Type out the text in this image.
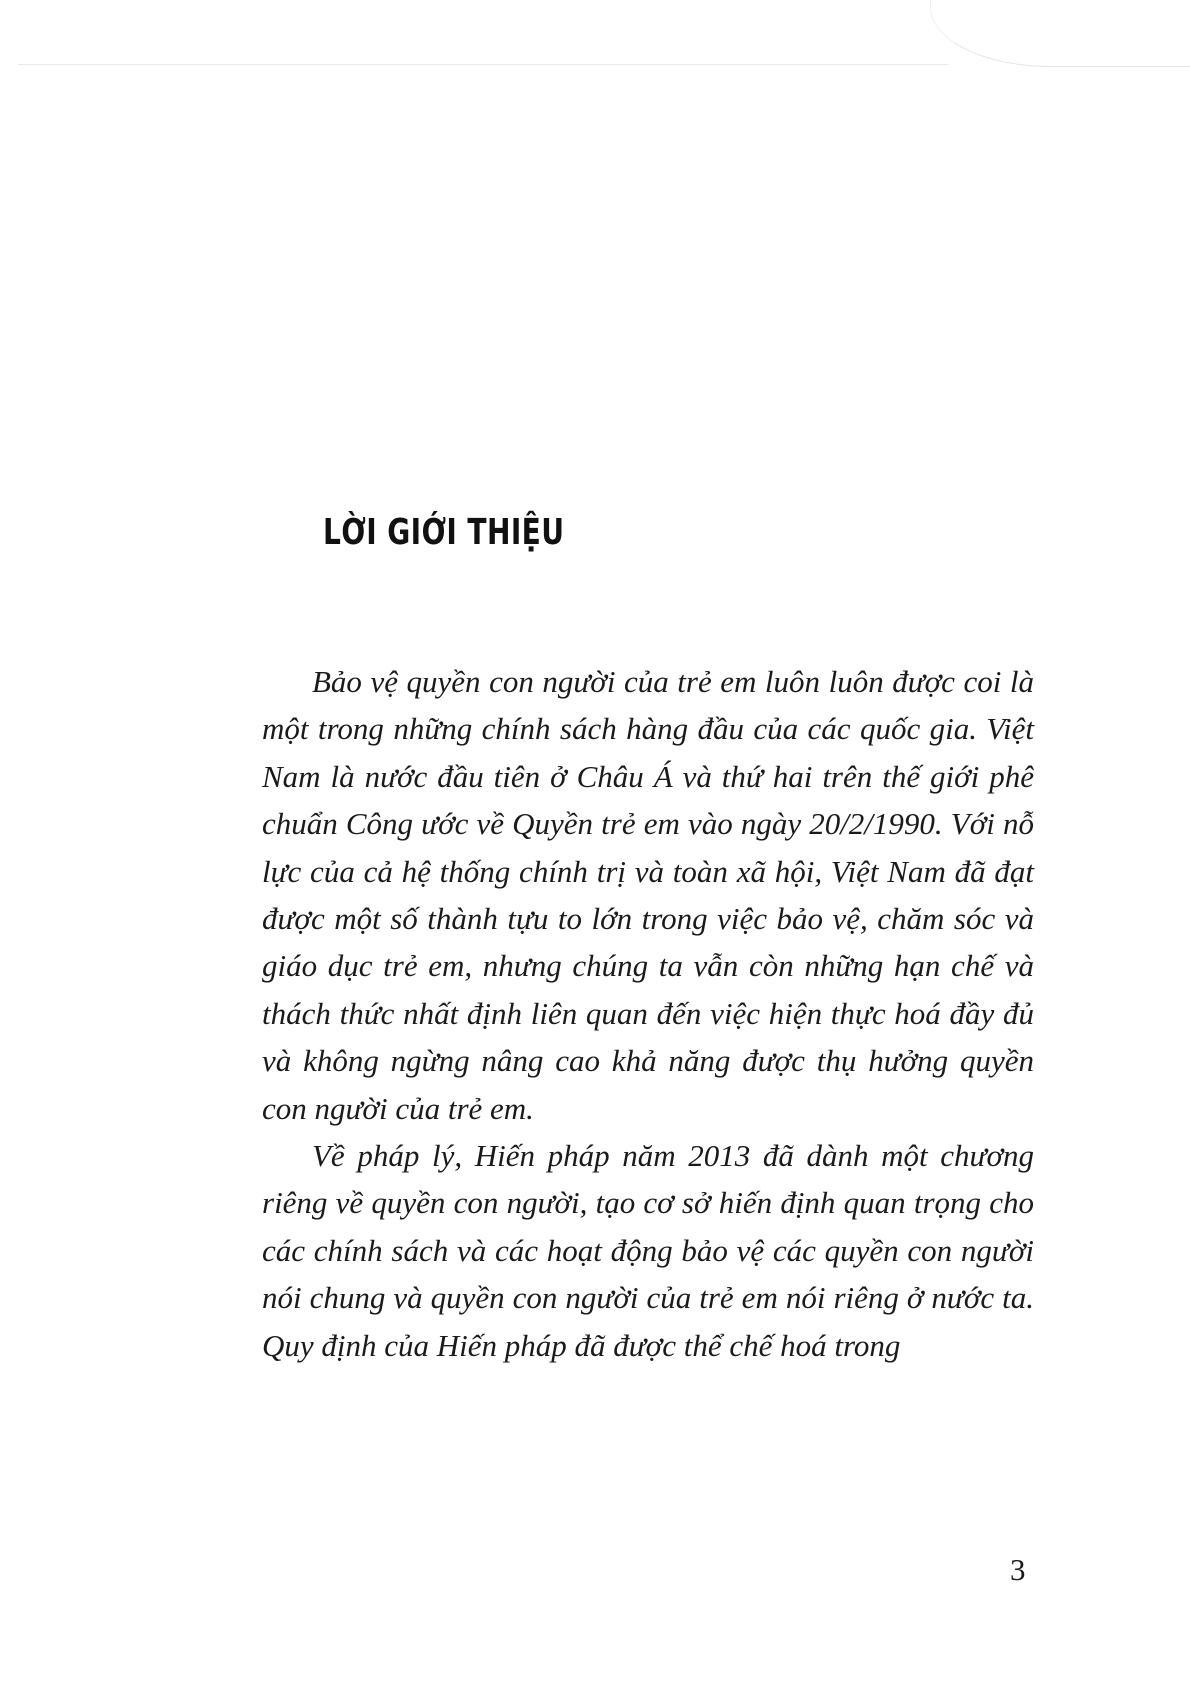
LỜI GIỚI THIỆU

Bảo vệ quyền con người của trẻ em luôn luôn được coi là một trong những chính sách hàng đầu của các quốc gia. Việt Nam là nước đầu tiên ở Châu Á và thứ hai trên thế giới phê chuẩn Công ước về Quyền trẻ em vào ngày 20/2/1990. Với nỗ lực của cả hệ thống chính trị và toàn xã hội, Việt Nam đã đạt được một số thành tựu to lớn trong việc bảo vệ, chăm sóc và giáo dục trẻ em, nhưng chúng ta vẫn còn những hạn chế và thách thức nhất định liên quan đến việc hiện thực hoá đầy đủ và không ngừng nâng cao khả năng được thụ hưởng quyền con người của trẻ em.

Về pháp lý, Hiến pháp năm 2013 đã dành một chương riêng về quyền con người, tạo cơ sở hiến định quan trọng cho các chính sách và các hoạt động bảo vệ các quyền con người nói chung và quyền con người của trẻ em nói riêng ở nước ta. Quy định của Hiến pháp đã được thể chế hoá trong

3
